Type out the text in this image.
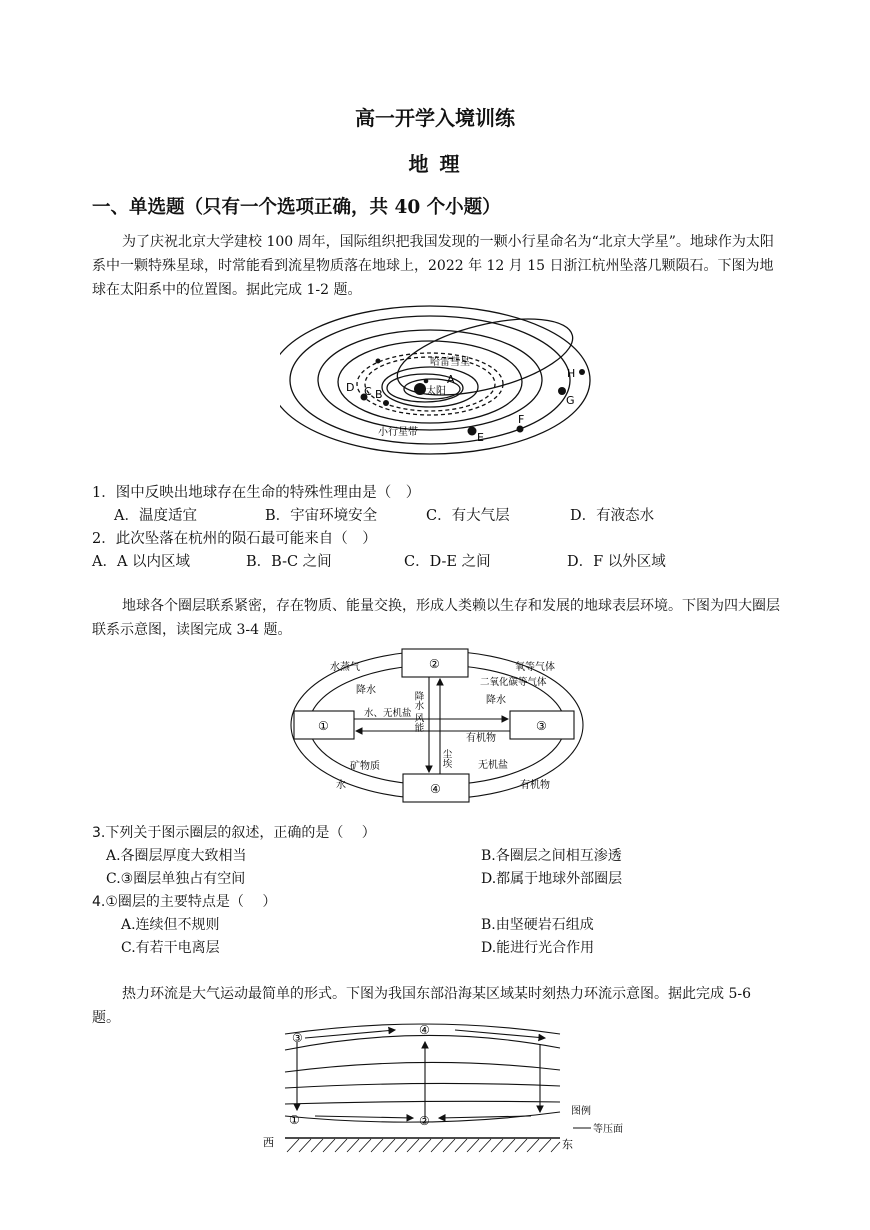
高一开学入境训练
地 理
一、单选题（只有一个选项正确，共 40 个小题）
为了庆祝北京大学建校 100 周年，国际组织把我国发现的一颗小行星命名为“北京大学星”。地球作为太阳系中一颗特殊星球，时常能看到流星物质落在地球上，2022 年 12 月 15 日浙江杭州坠落几颗陨石。下图为地球在太阳系中的位置图。据此完成 1-2 题。
哈雷彗星
太阳
小行星带
A
B
C
D
E
F
G
H
1．图中反映出地球存在生命的特殊性理由是（　）
A．温度适宜	B．宇宙环境安全	C．有大气层	D．有液态水
2．此次坠落在杭州的陨石最可能来自（　）
A．A 以内区域	B．B-C 之间	C．D-E 之间	D．F 以外区域
地球各个圈层联系紧密，存在物质、能量交换，形成人类赖以生存和发展的地球表层环境。下图为四大圈层联系示意图，读图完成 3-4 题。
①
②
③
④
水蒸气
降水
降水 风能
水、无机盐
氧等气体
二氧化碳等气体
降水
有机物
尘埃
矿物质
水
无机盐
有机物
3.下列关于图示圈层的叙述，正确的是（　 ）
A.各圈层厚度大致相当	B.各圈层之间相互渗透
C.③圈层单独占有空间	D.都属于地球外部圈层
4.①圈层的主要特点是（　 ）
A.连续但不规则	B.由坚硬岩石组成
C.有若干电离层	D.能进行光合作用
热力环流是大气运动最简单的形式。下图为我国东部沿海某区域某时刻热力环流示意图。据此完成 5-6 题。
③
④
①	②
西	东
图例
等压面
